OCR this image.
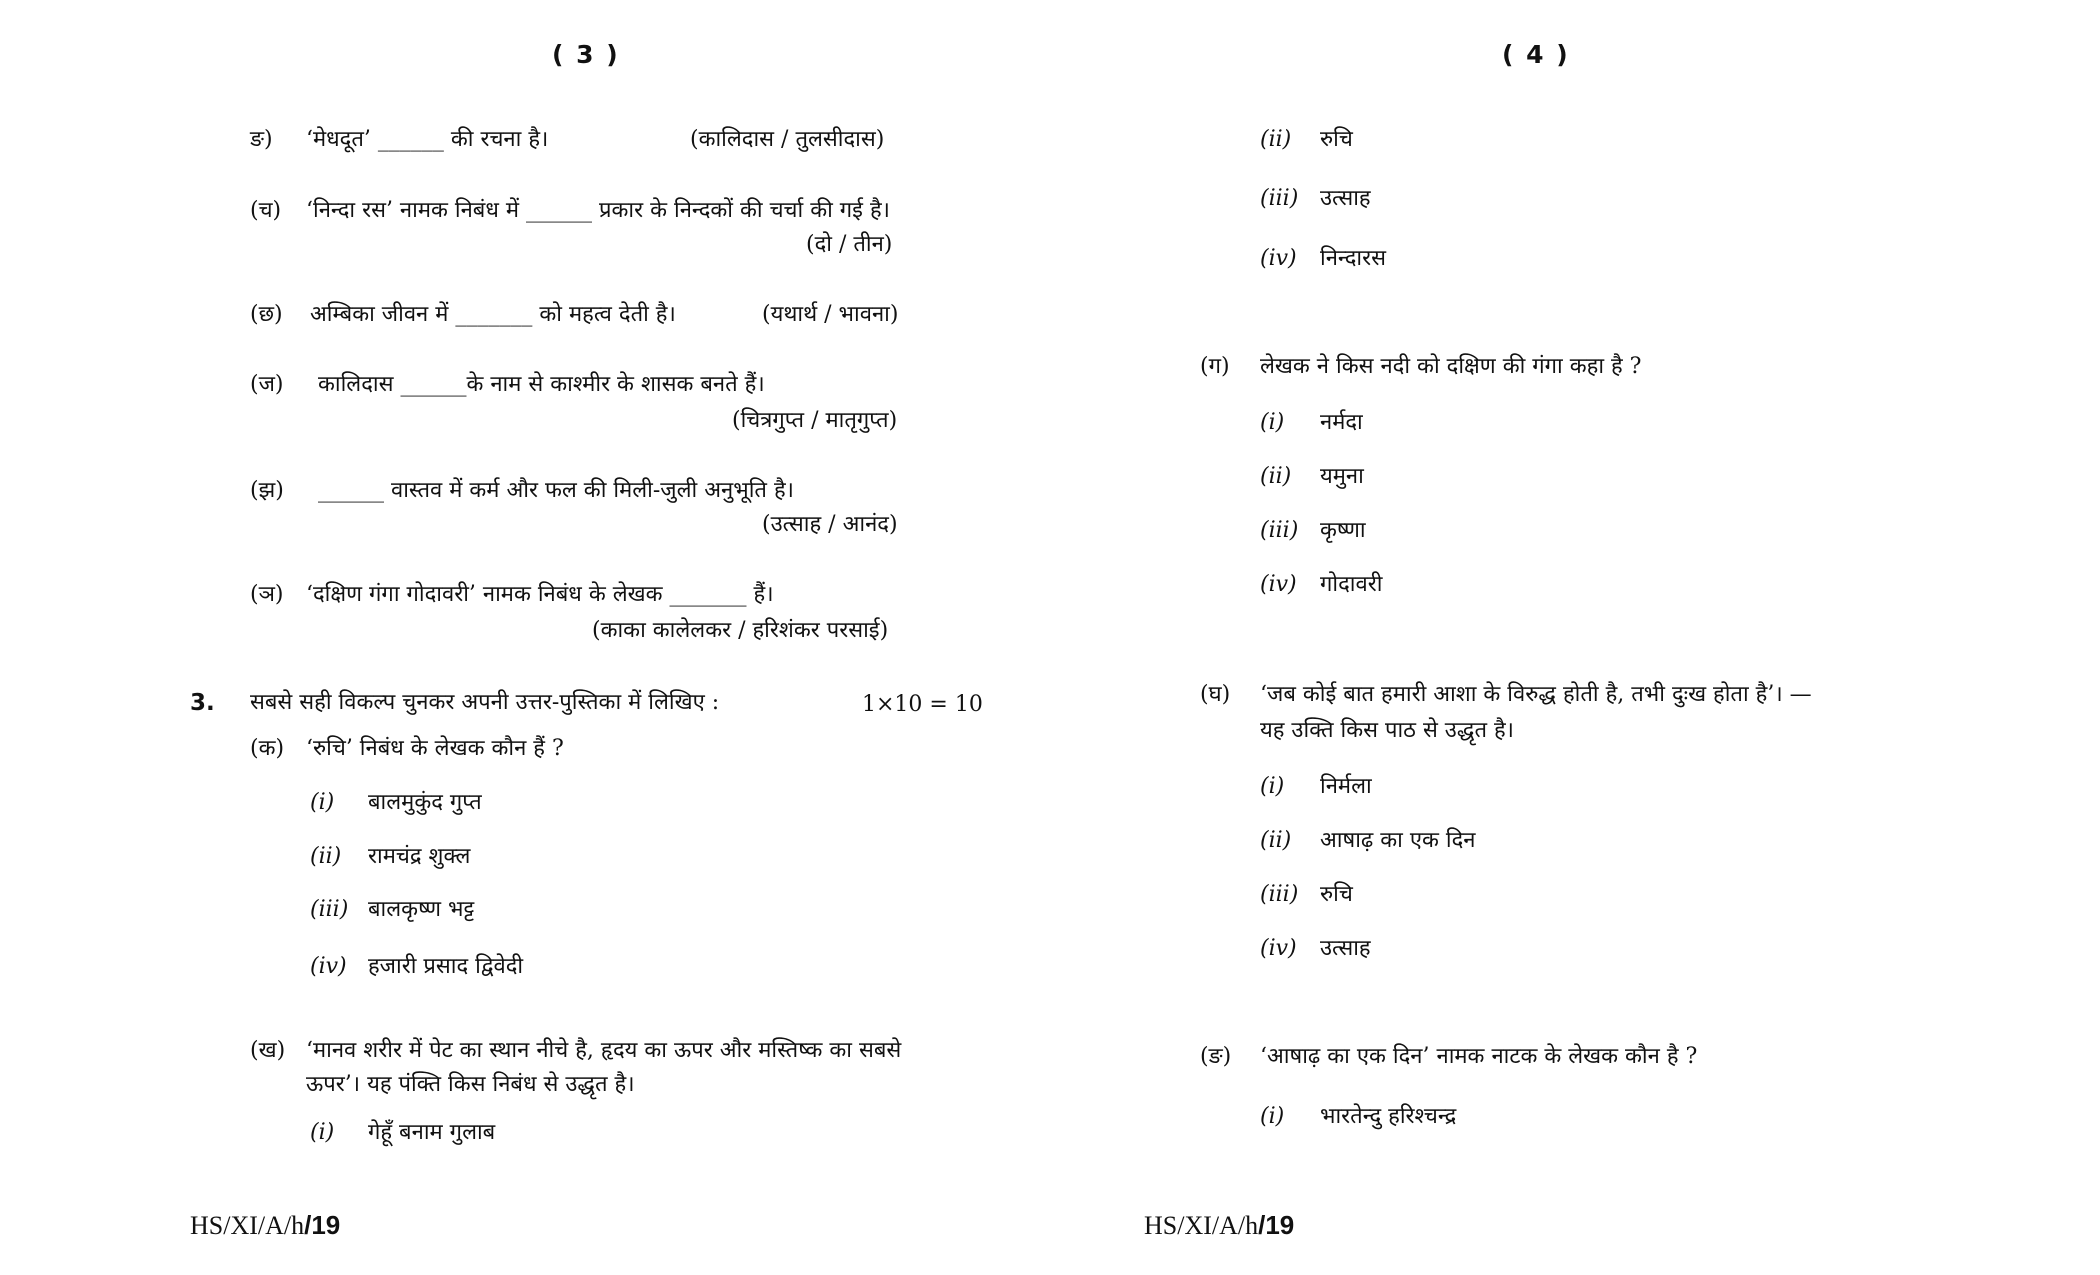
( 3 )
ङ) ‘मेधदूत’ ______ की रचना है।	(कालिदास / तुलसीदास)
(च) ‘निन्दा रस’ नामक निबंध में ______ प्रकार के निन्दकों की चर्चा की गई है।
(दो / तीन)
(छ) अम्बिका जीवन में _______ को महत्व देती है।	(यथार्थ / भावना)
(ज) कालिदास ______के नाम से काश्मीर के शासक बनते हैं।
(चित्रगुप्त / मातृगुप्त)
(झ) ______ वास्तव में कर्म और फल की मिली-जुली अनुभूति है।
(उत्साह / आनंद)
(ञ) ‘दक्षिण गंगा गोदावरी’ नामक निबंध के लेखक _______ हैं।
(काका कालेलकर / हरिशंकर परसाई)
3. सबसे सही विकल्प चुनकर अपनी उत्तर-पुस्तिका में लिखिए :	1×10 = 10
(क) ‘रुचि’ निबंध के लेखक कौन हैं ?
(i) बालमुकुंद गुप्त
(ii) रामचंद्र शुक्ल
(iii) बालकृष्ण भट्ट
(iv) हजारी प्रसाद द्विवेदी
(ख) ‘मानव शरीर में पेट का स्थान नीचे है, हृदय का ऊपर और मस्तिष्क का सबसे
ऊपर’। यह पंक्ति किस निबंध से उद्धृत है।
(i) गेहूँ बनाम गुलाब
HS/XI/A/h/19
( 4 )
(ii) रुचि
(iii) उत्साह
(iv) निन्दारस
(ग) लेखक ने किस नदी को दक्षिण की गंगा कहा है ?
(i) नर्मदा
(ii) यमुना
(iii) कृष्णा
(iv) गोदावरी
(घ) ‘जब कोई बात हमारी आशा के विरुद्ध होती है, तभी दुःख होता है’। —
यह उक्ति किस पाठ से उद्धृत है।
(i) निर्मला
(ii) आषाढ़ का एक दिन
(iii) रुचि
(iv) उत्साह
(ङ) ‘आषाढ़ का एक दिन’ नामक नाटक के लेखक कौन है ?
(i) भारतेन्दु हरिश्चन्द्र
HS/XI/A/h/19
